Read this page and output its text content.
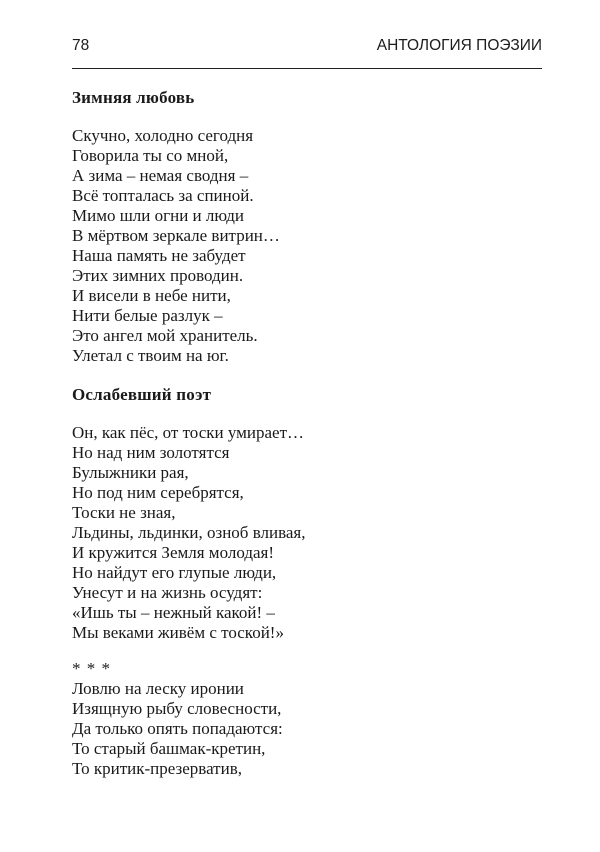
78	АНТОЛОГИЯ ПОЭЗИИ
Зимняя любовь

Скучно, холодно сегодня

Говорила ты со мной,

А зима – немая сводня –

Всё топталась за спиной.

Мимо шли огни и люди

В мёртвом зеркале витрин…

Наша память не забудет

Этих зимних проводин.

И висели в небе нити,

Нити белые разлук –

Это ангел мой хранитель.

Улетал с твоим на юг.

Ослабевший поэт

Он, как пёс, от тоски умирает…

Но над ним золотятся

Булыжники рая,

Но под ним серебрятся,

Тоски не зная,

Льдины, льдинки, озноб вливая,

И кружится Земля молодая!

Но найдут его глупые люди,

Унесут и на жизнь осудят:

«Ишь ты – нежный какой! –

Мы веками живём с тоской!»

* * *

Ловлю на леску иронии

Изящную рыбу словесности,

Да только опять попадаются:

То старый башмак-кретин,

То критик-презерватив,
